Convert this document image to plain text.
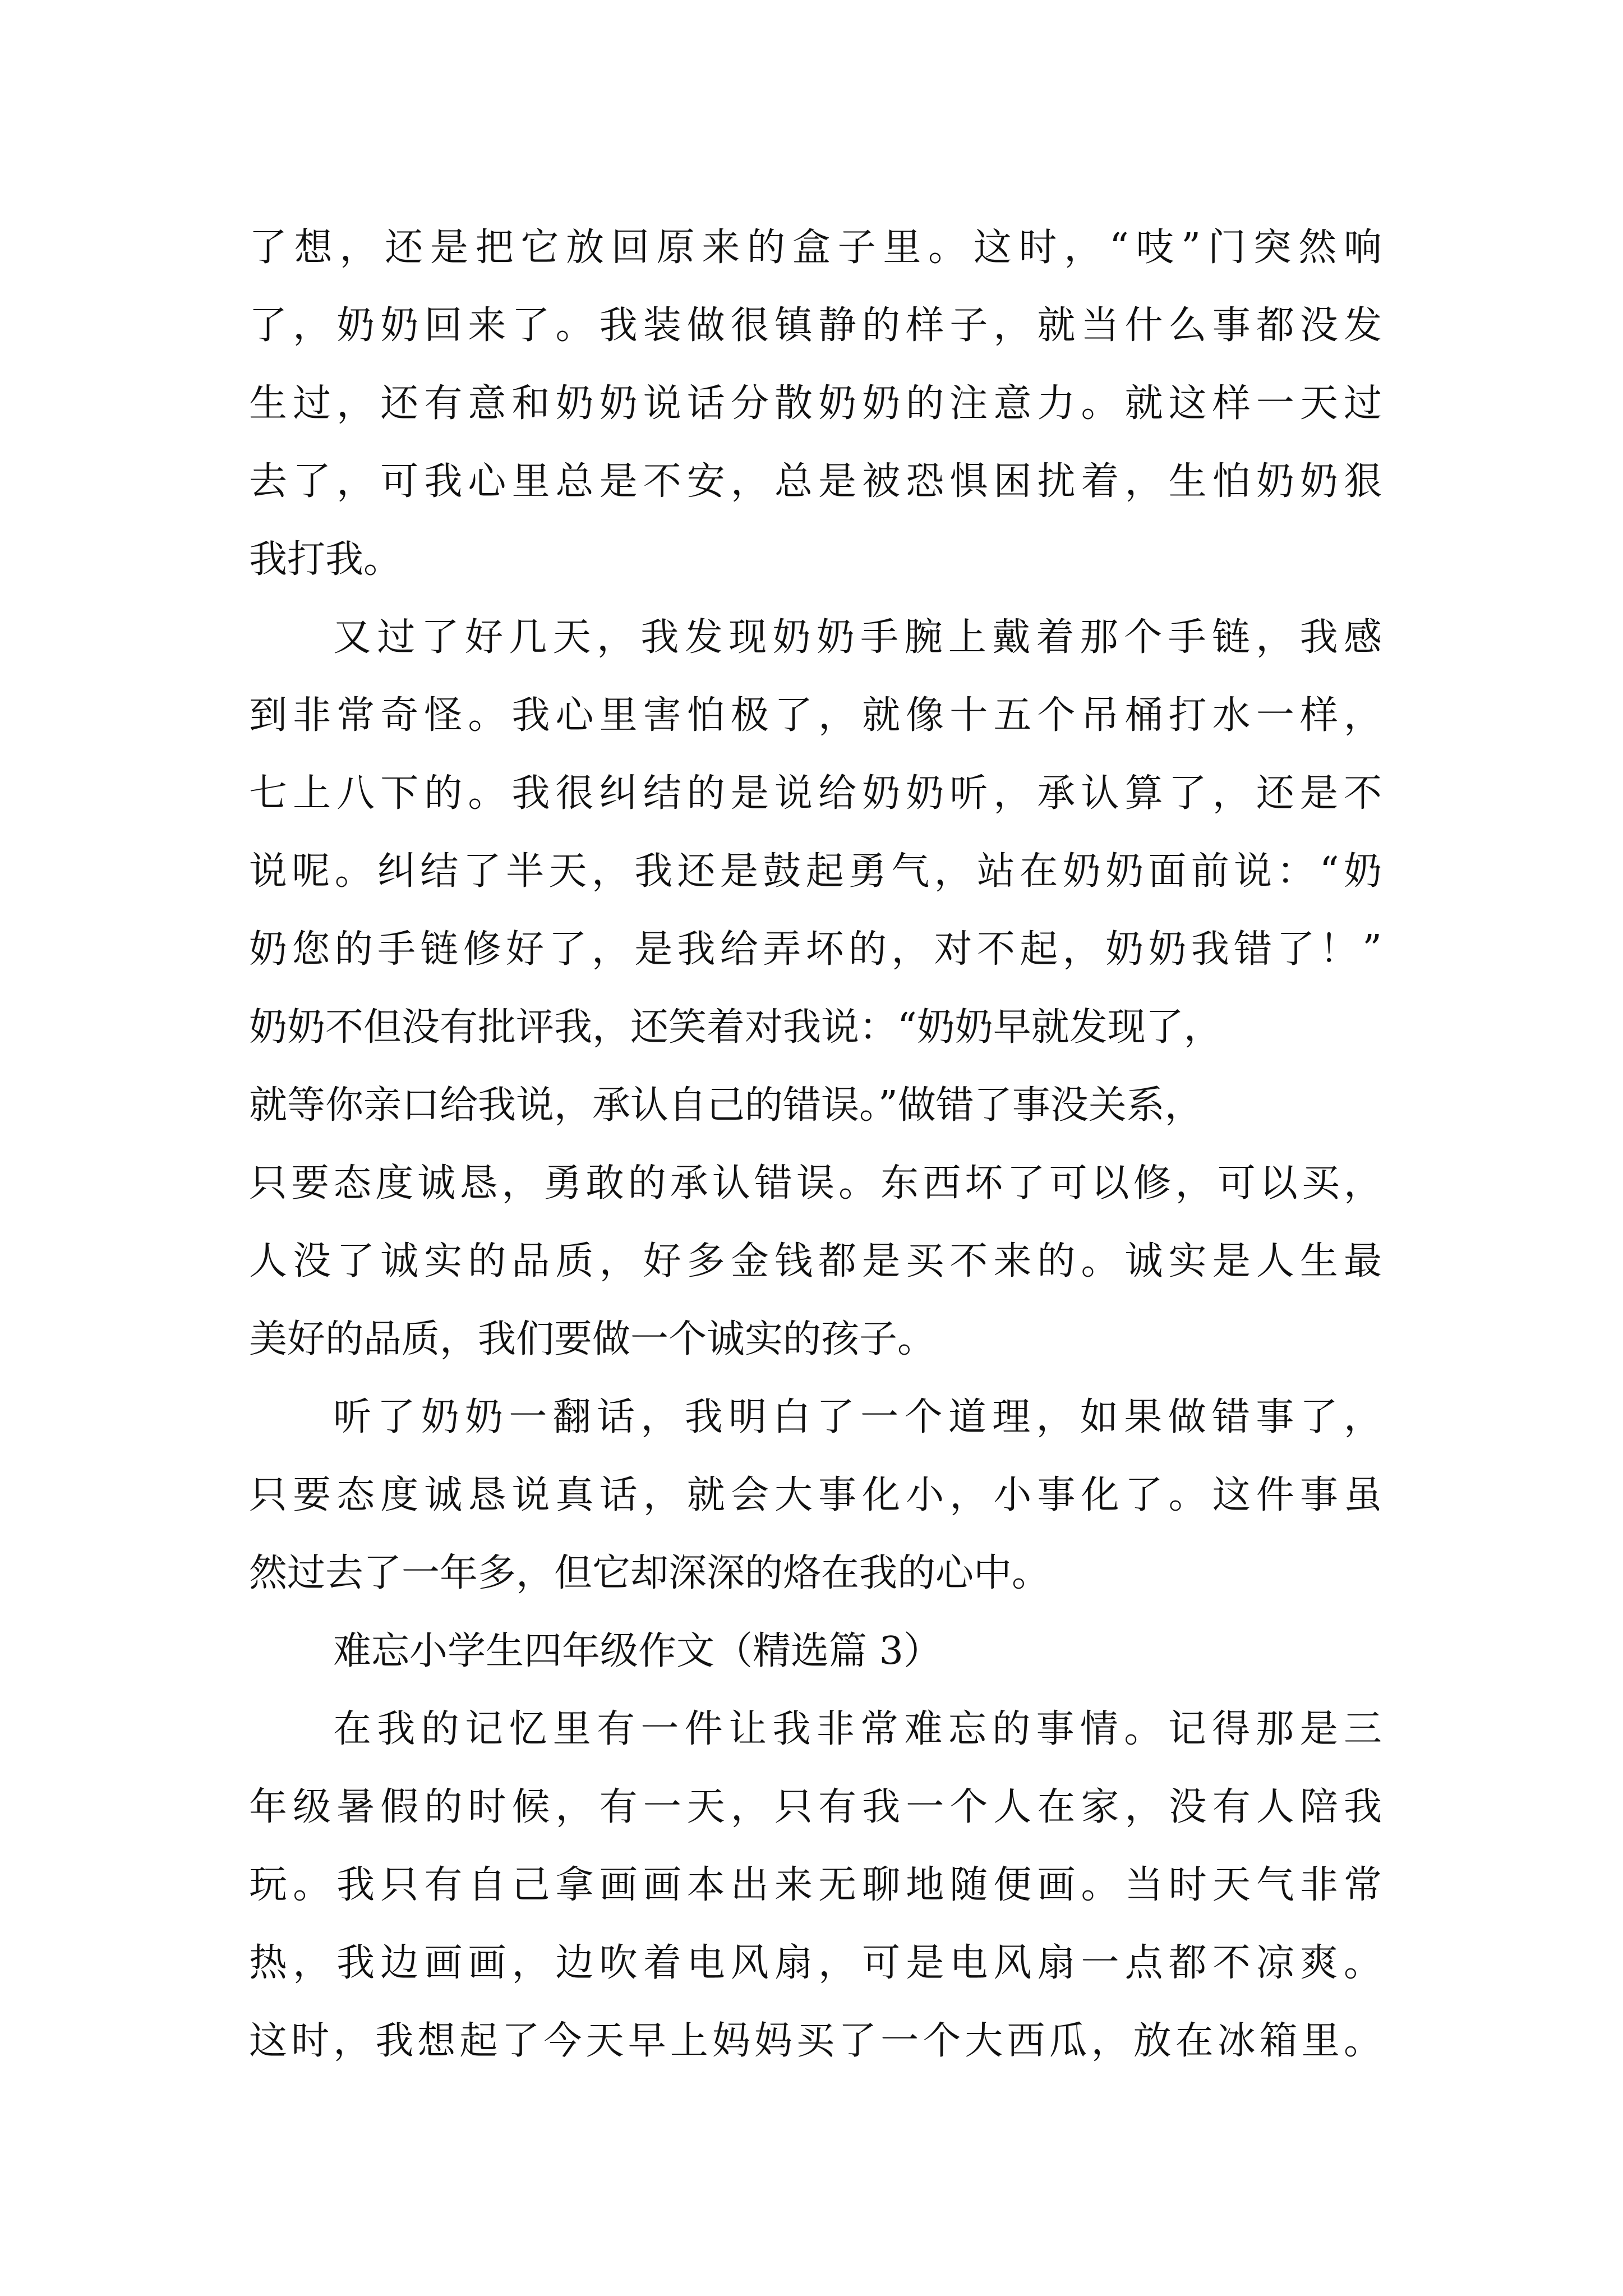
了想，还是把它放回原来的盒子里。这时，“吱”门突然响
了，奶奶回来了。我装做很镇静的样子，就当什么事都没发
生过，还有意和奶奶说话分散奶奶的注意力。就这样一天过
去了，可我心里总是不安，总是被恐惧困扰着，生怕奶奶狠
我打我。
又过了好几天，我发现奶奶手腕上戴着那个手链，我感
到非常奇怪。我心里害怕极了，就像十五个吊桶打水一样，
七上八下的。我很纠结的是说给奶奶听，承认算了，还是不
说呢。纠结了半天，我还是鼓起勇气，站在奶奶面前说：“奶
奶您的手链修好了，是我给弄坏的，对不起，奶奶我错了！”
奶奶不但没有批评我，还笑着对我说：“奶奶早就发现了，
就等你亲口给我说，承认自己的错误。”做错了事没关系，
只要态度诚恳，勇敢的承认错误。东西坏了可以修，可以买，
人没了诚实的品质，好多金钱都是买不来的。诚实是人生最
美好的品质，我们要做一个诚实的孩子。
听了奶奶一翻话，我明白了一个道理，如果做错事了，
只要态度诚恳说真话，就会大事化小，小事化了。这件事虽
然过去了一年多，但它却深深的烙在我的心中。
难忘小学生四年级作文（精选篇 3）
在我的记忆里有一件让我非常难忘的事情。记得那是三
年级暑假的时候，有一天，只有我一个人在家，没有人陪我
玩。我只有自己拿画画本出来无聊地随便画。当时天气非常
热，我边画画，边吹着电风扇，可是电风扇一点都不凉爽。
这时，我想起了今天早上妈妈买了一个大西瓜，放在冰箱里。
